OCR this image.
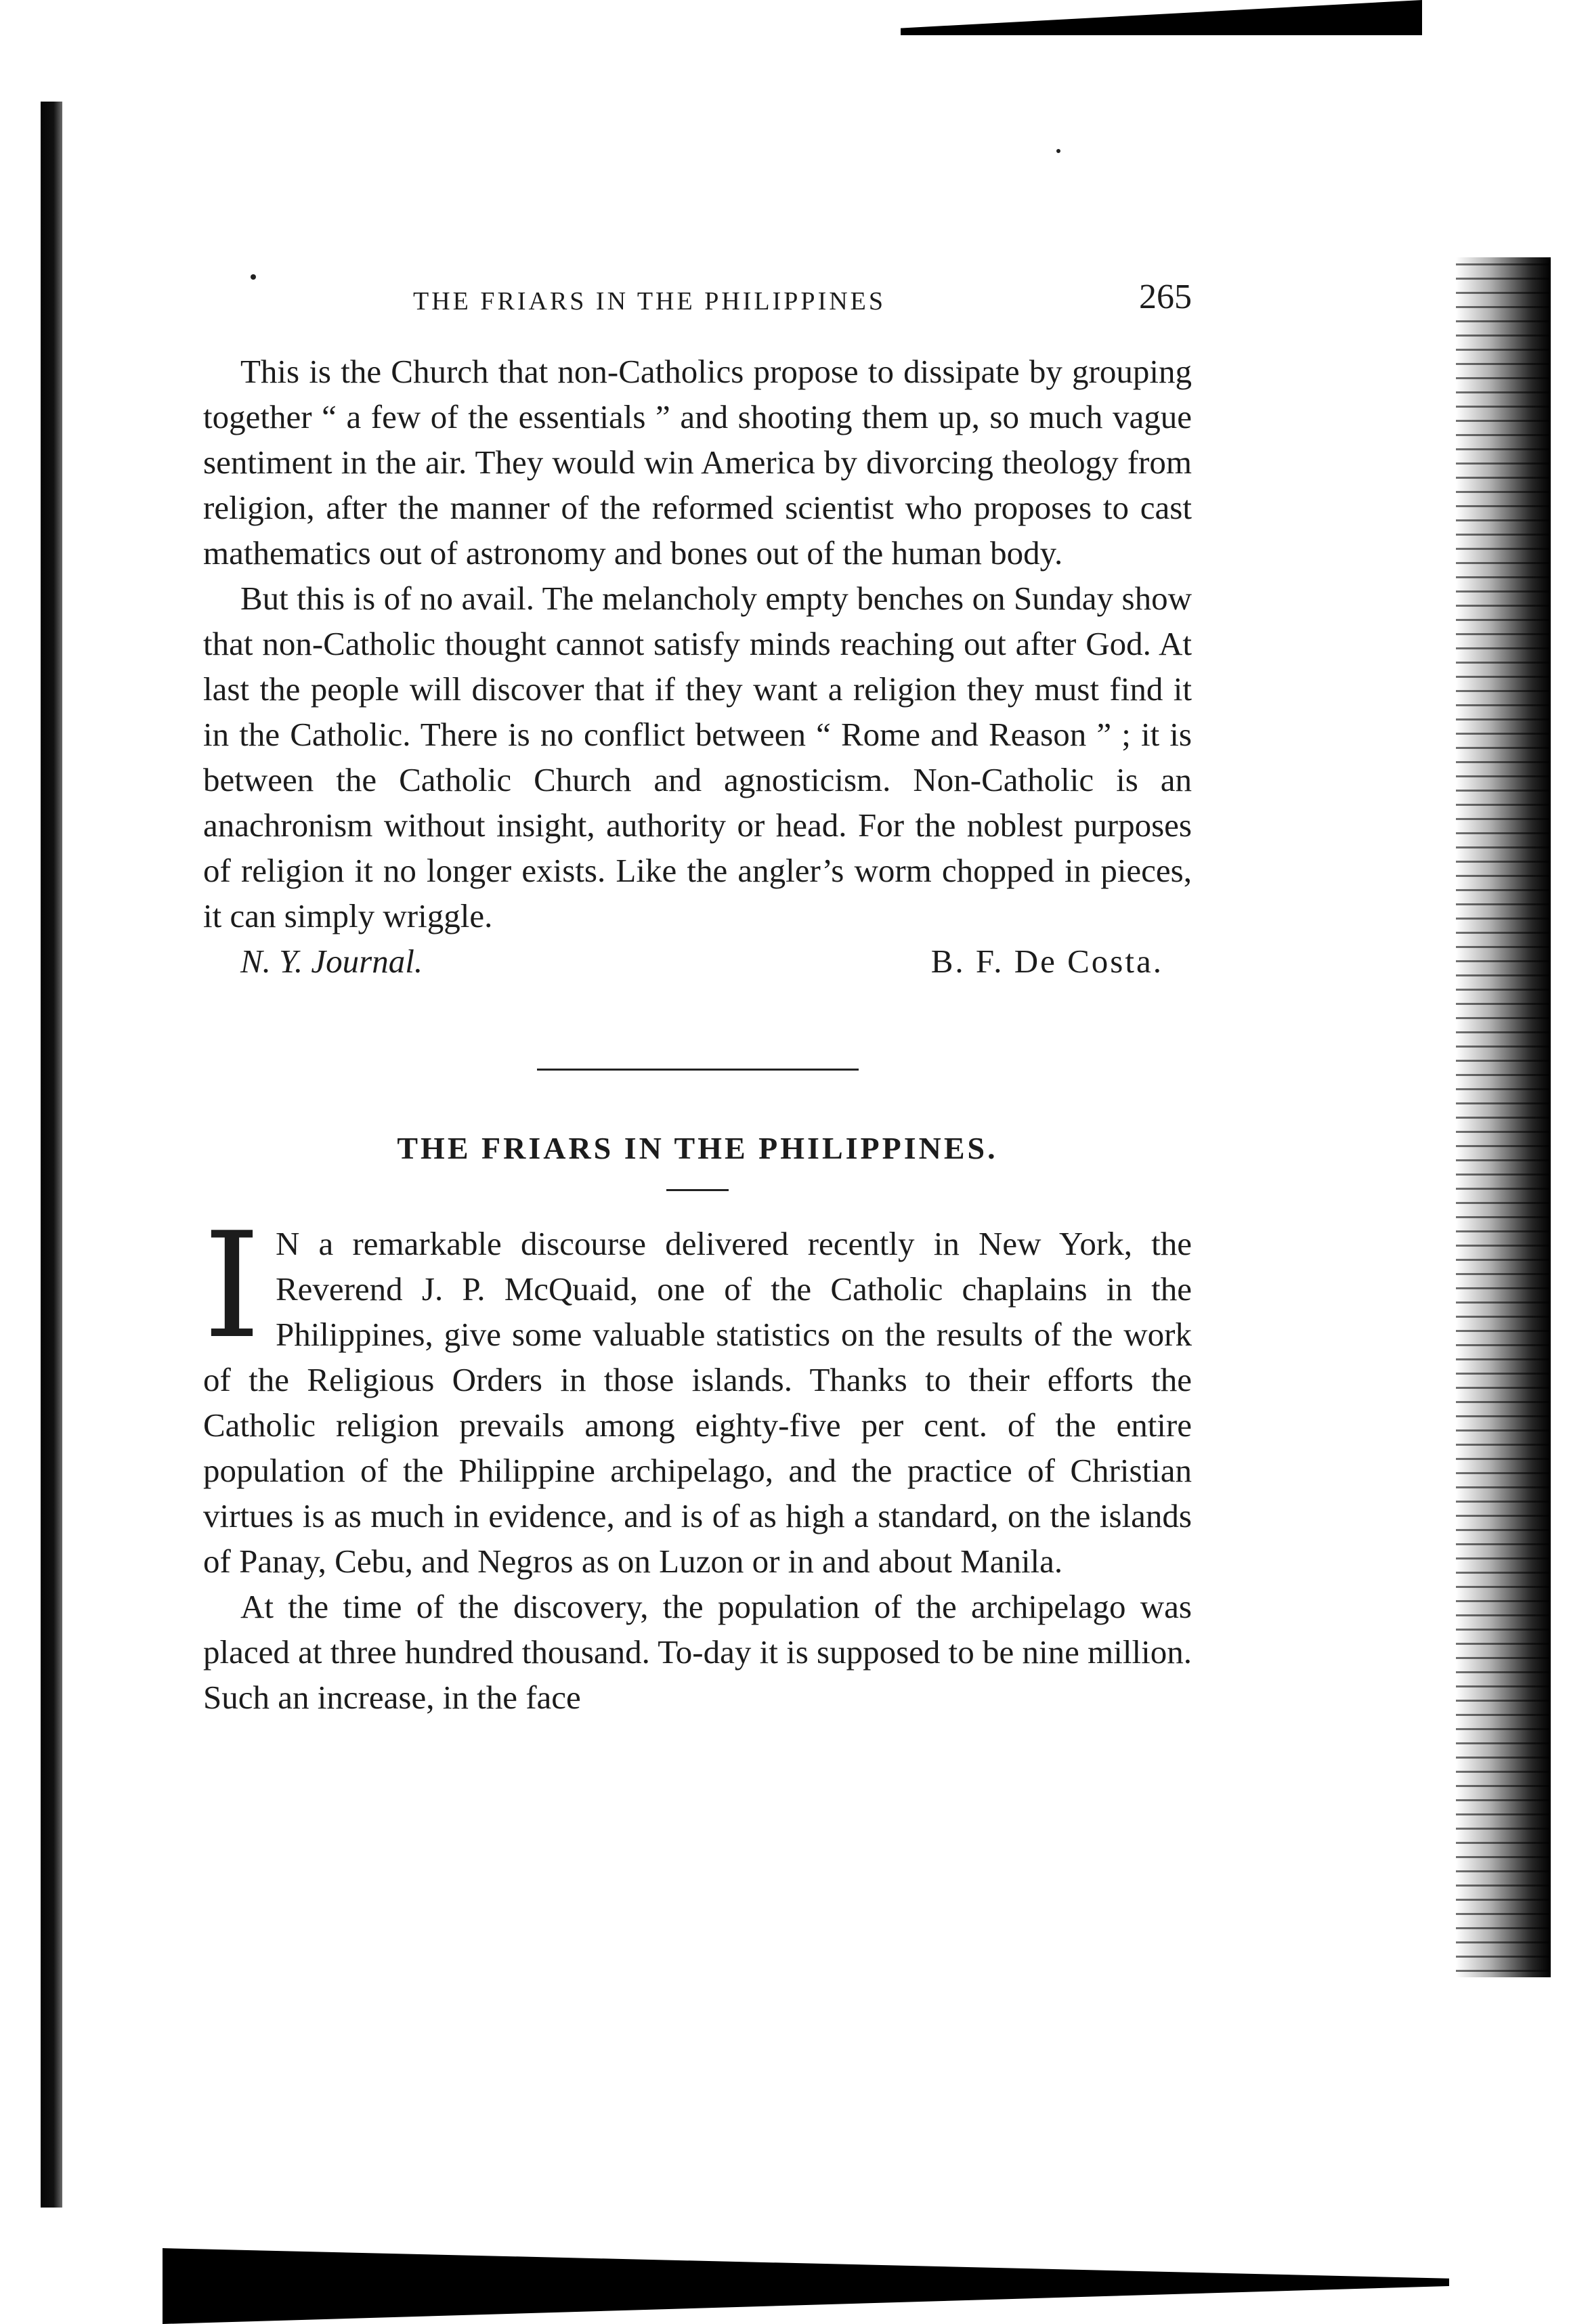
THE FRIARS IN THE PHILIPPINES	265

This is the Church that non-Catholics propose to dissipate by grouping together “ a few of the essentials ” and shooting them up, so much vague sentiment in the air. They would win America by divorcing theology from religion, after the manner of the reformed scientist who proposes to cast mathematics out of astronomy and bones out of the human body.

But this is of no avail. The melancholy empty benches on Sunday show that non-Catholic thought cannot satisfy minds reaching out after God. At last the people will discover that if they want a religion they must find it in the Catholic. There is no conflict between “ Rome and Reason ” ; it is between the Catholic Church and agnosticism. Non-Catholic is an anachronism without insight, authority or head. For the noblest purposes of religion it no longer exists. Like the angler’s worm chopped in pieces, it can simply wriggle.

N. Y. Journal.	B. F. De Costa.
THE FRIARS IN THE PHILIPPINES.

I N a remarkable discourse delivered recently in New York, the Reverend J. P. McQuaid, one of the Catholic chaplains in the Philippines, give some valuable statistics on the results of the work of the Religious Orders in those islands. Thanks to their efforts the Catholic religion prevails among eighty-five per cent. of the entire population of the Philippine archipelago, and the practice of Christian virtues is as much in evidence, and is of as high a standard, on the islands of Panay, Cebu, and Negros as on Luzon or in and about Manila.

At the time of the discovery, the population of the archipelago was placed at three hundred thousand. To-day it is supposed to be nine million. Such an increase, in the face
